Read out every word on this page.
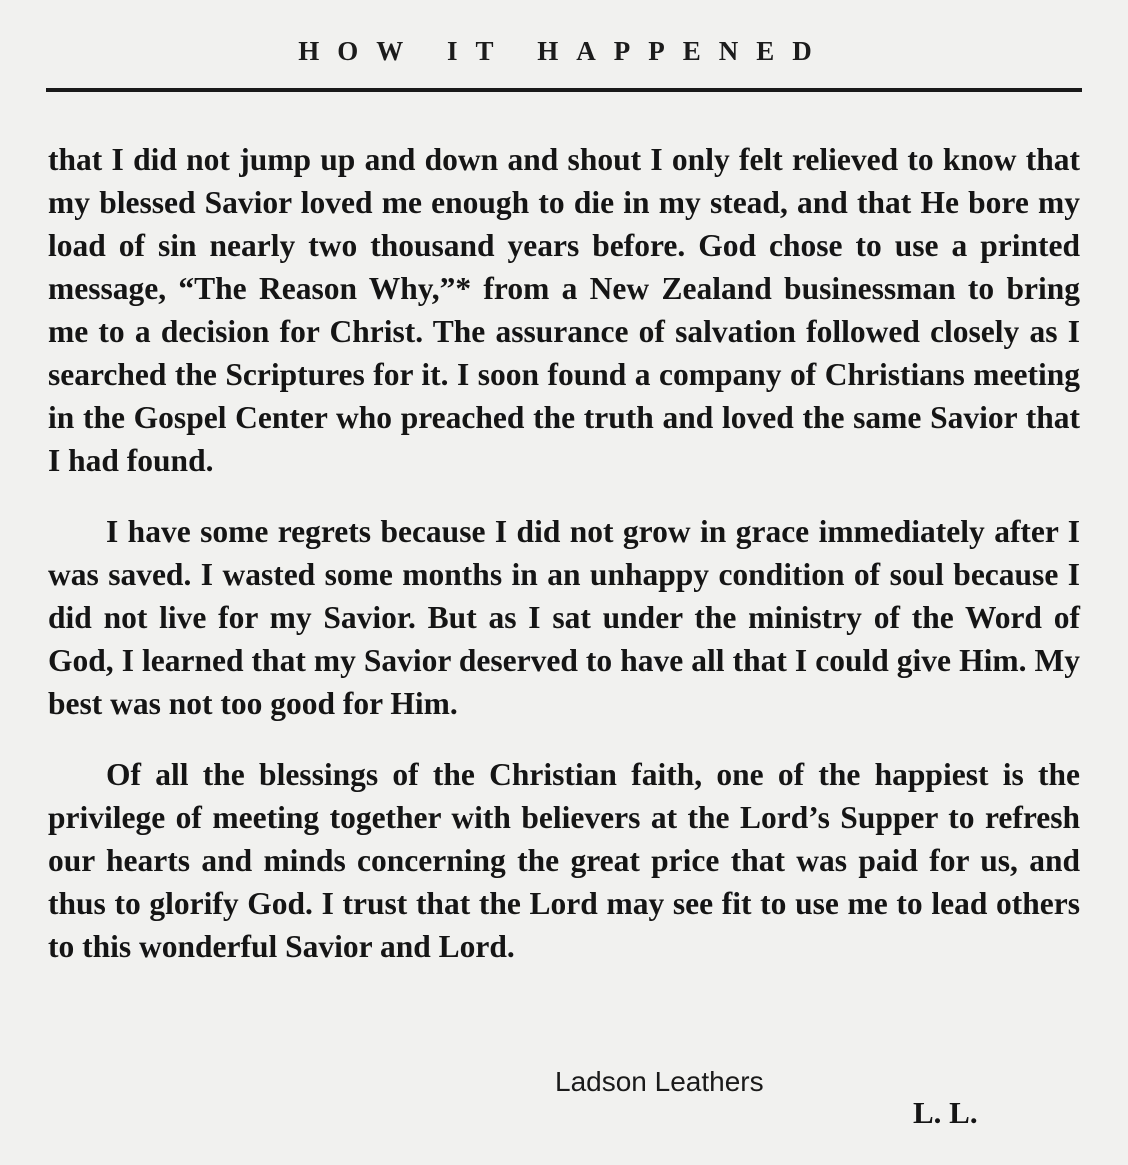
HOW IT HAPPENED

that I did not jump up and down and shout I only felt relieved to know that my blessed Savior loved me enough to die in my stead, and that He bore my load of sin nearly two thousand years before. God chose to use a printed message, “The Reason Why,”* from a New Zealand businessman to bring me to a decision for Christ. The assurance of salvation followed closely as I searched the Scriptures for it. I soon found a company of Christians meeting in the Gospel Center who preached the truth and loved the same Savior that I had found.

I have some regrets because I did not grow in grace immediately after I was saved. I wasted some months in an unhappy condition of soul because I did not live for my Savior. But as I sat under the ministry of the Word of God, I learned that my Savior deserved to have all that I could give Him. My best was not too good for Him.

Of all the blessings of the Christian faith, one of the happiest is the privilege of meeting together with believers at the Lord’s Supper to refresh our hearts and minds concerning the great price that was paid for us, and thus to glorify God. I trust that the Lord may see fit to use me to lead others to this wonderful Savior and Lord.

Ladson Leathers
L. L.
